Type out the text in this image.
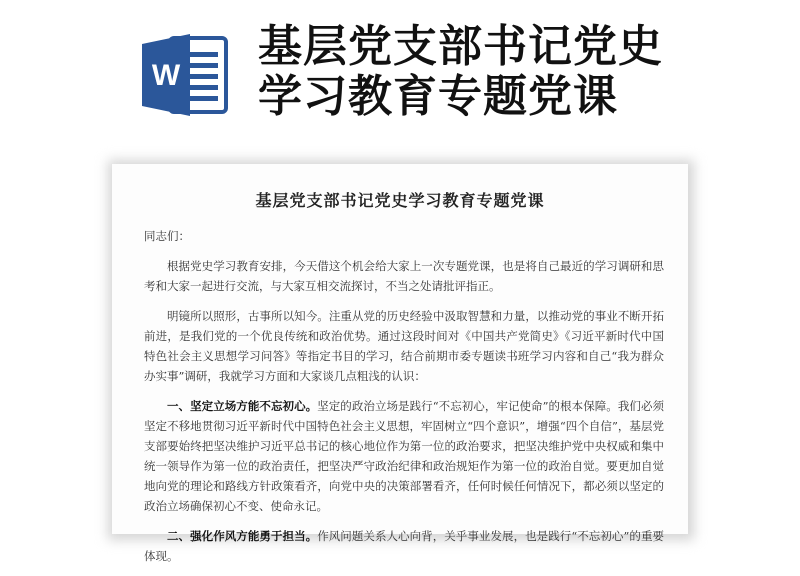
W
基层党支部书记党史
学习教育专题党课
基层党支部书记党史学习教育专题党课

同志们：

根据党史学习教育安排，今天借这个机会给大家上一次专题党课，也是将自己最近的学习调研和思考和大家一起进行交流，与大家互相交流探讨，不当之处请批评指正。

明镜所以照形，古事所以知今。注重从党的历史经验中汲取智慧和力量，以推动党的事业不断开拓前进，是我们党的一个优良传统和政治优势。通过这段时间对《中国共产党简史》《习近平新时代中国特色社会主义思想学习问答》等指定书目的学习，结合前期市委专题读书班学习内容和自己“我为群众办实事”调研，我就学习方面和大家谈几点粗浅的认识：

一、坚定立场方能不忘初心。坚定的政治立场是践行“不忘初心，牢记使命”的根本保障。我们必须坚定不移地贯彻习近平新时代中国特色社会主义思想，牢固树立“四个意识”，增强“四个自信”，基层党支部要始终把坚决维护习近平总书记的核心地位作为第一位的政治要求，把坚决维护党中央权威和集中统一领导作为第一位的政治责任，把坚决严守政治纪律和政治规矩作为第一位的政治自觉。要更加自觉地向党的理论和路线方针政策看齐，向党中央的决策部署看齐，任何时候任何情况下，都必须以坚定的政治立场确保初心不变、使命永记。

二、强化作风方能勇于担当。作风问题关系人心向背，关乎事业发展，也是践行“不忘初心”的重要体现。
